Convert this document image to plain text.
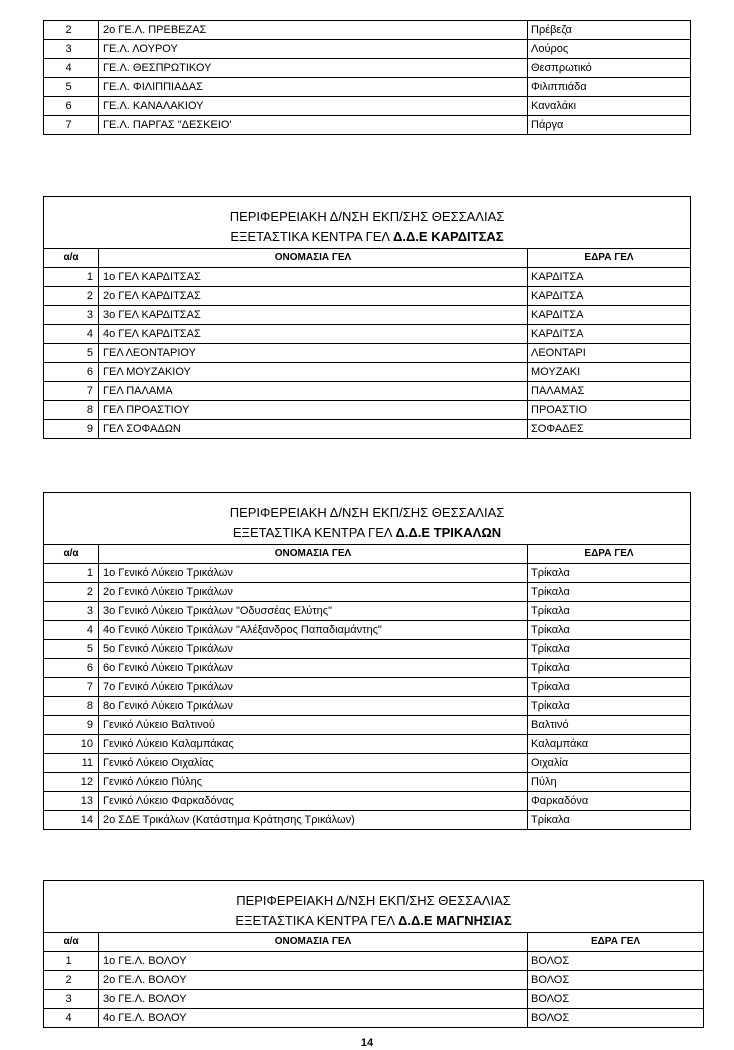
2	2ο ΓΕ.Λ. ΠΡΕΒΕΖΑΣ	Πρέβεζα
3	ΓΕ.Λ. ΛΟΥΡΟΥ	Λούρος
4	ΓΕ.Λ. ΘΕΣΠΡΩΤΙΚΟΥ	Θεσπρωτικό
5	ΓΕ.Λ. ΦΙΛΙΠΠΙΑΔΑΣ	Φιλιππιάδα
6	ΓΕ.Λ. ΚΑΝΑΛΑΚΙΟΥ	Καναλάκι
7	ΓΕ.Λ. ΠΑΡΓΑΣ "ΔΕΣΚΕΙΟ'	Πάργα
ΠΕΡΙΦΕΡΕΙΑΚΗ Δ/ΝΣΗ ΕΚΠ/ΣΗΣ ΘΕΣΣΑΛΙΑΣ
ΕΞΕΤΑΣΤΙΚΑ ΚΕΝΤΡΑ ΓΕΛ Δ.Δ.Ε ΚΑΡΔΙΤΣΑΣ		

α/α	ΟΝΟΜΑΣΙΑ ΓΕΛ	ΕΔΡΑ ΓΕΛ
1	1ο ΓΕΛ ΚΑΡΔΙΤΣΑΣ	ΚΑΡΔΙΤΣΑ
2	2ο ΓΕΛ ΚΑΡΔΙΤΣΑΣ	ΚΑΡΔΙΤΣΑ
3	3ο ΓΕΛ ΚΑΡΔΙΤΣΑΣ	ΚΑΡΔΙΤΣΑ
4	4ο ΓΕΛ ΚΑΡΔΙΤΣΑΣ	ΚΑΡΔΙΤΣΑ
5	ΓΕΛ ΛΕΟΝΤΑΡΙΟΥ	ΛΕΟΝΤΑΡΙ
6	ΓΕΛ ΜΟΥΖΑΚΙΟΥ	ΜΟΥΖΑΚΙ
7	ΓΕΛ ΠΑΛΑΜΑ	ΠΑΛΑΜΑΣ
8	ΓΕΛ ΠΡΟΑΣΤΙΟΥ	ΠΡΟΑΣΤΙΟ
9	ΓΕΛ ΣΟΦΑΔΩΝ	ΣΟΦΑΔΕΣ
ΠΕΡΙΦΕΡΕΙΑΚΗ Δ/ΝΣΗ ΕΚΠ/ΣΗΣ ΘΕΣΣΑΛΙΑΣ
ΕΞΕΤΑΣΤΙΚΑ ΚΕΝΤΡΑ ΓΕΛ Δ.Δ.Ε ΤΡΙΚΑΛΩΝ		

α/α	ΟΝΟΜΑΣΙΑ ΓΕΛ	ΕΔΡΑ ΓΕΛ
1	1ο Γενικό Λύκειο Τρικάλων	Τρίκαλα
2	2ο Γενικό Λύκειο Τρικάλων	Τρίκαλα
3	3ο Γενικό Λύκειο Τρικάλων "Οδυσσέας Ελύτης"	Τρίκαλα
4	4ο Γενικό Λύκειο Τρικάλων "Αλέξανδρος Παπαδιαμάντης"	Τρίκαλα
5	5ο Γενικό Λύκειο Τρικάλων	Τρίκαλα
6	6ο Γενικό Λύκειο Τρικάλων	Τρίκαλα
7	7ο Γενικό Λύκειο Τρικάλων	Τρίκαλα
8	8ο Γενικό Λύκειο Τρικάλων	Τρίκαλα
9	Γενικό Λύκειο Βαλτινού	Βαλτινό
10	Γενικό Λύκειο Καλαμπάκας	Καλαμπάκα
11	Γενικό Λύκειο Οιχαλίας	Οιχαλία
12	Γενικό Λύκειο Πύλης	Πύλη
13	Γενικό Λύκειο Φαρκαδόνας	Φαρκαδόνα
14	2ο ΣΔΕ Τρικάλων (Κατάστημα Κράτησης Τρικάλων)	Τρίκαλα
ΠΕΡΙΦΕΡΕΙΑΚΗ Δ/ΝΣΗ ΕΚΠ/ΣΗΣ ΘΕΣΣΑΛΙΑΣ
ΕΞΕΤΑΣΤΙΚΑ ΚΕΝΤΡΑ ΓΕΛ Δ.Δ.Ε ΜΑΓΝΗΣΙΑΣ		

α/α	ΟΝΟΜΑΣΙΑ ΓΕΛ	ΕΔΡΑ ΓΕΛ
1	1ο ΓΕ.Λ. ΒΟΛΟΥ	ΒΟΛΟΣ
2	2ο ΓΕ.Λ. ΒΟΛΟΥ	ΒΟΛΟΣ
3	3ο ΓΕ.Λ. ΒΟΛΟΥ	ΒΟΛΟΣ
4	4ο ΓΕ.Λ. ΒΟΛΟΥ	ΒΟΛΟΣ
14
